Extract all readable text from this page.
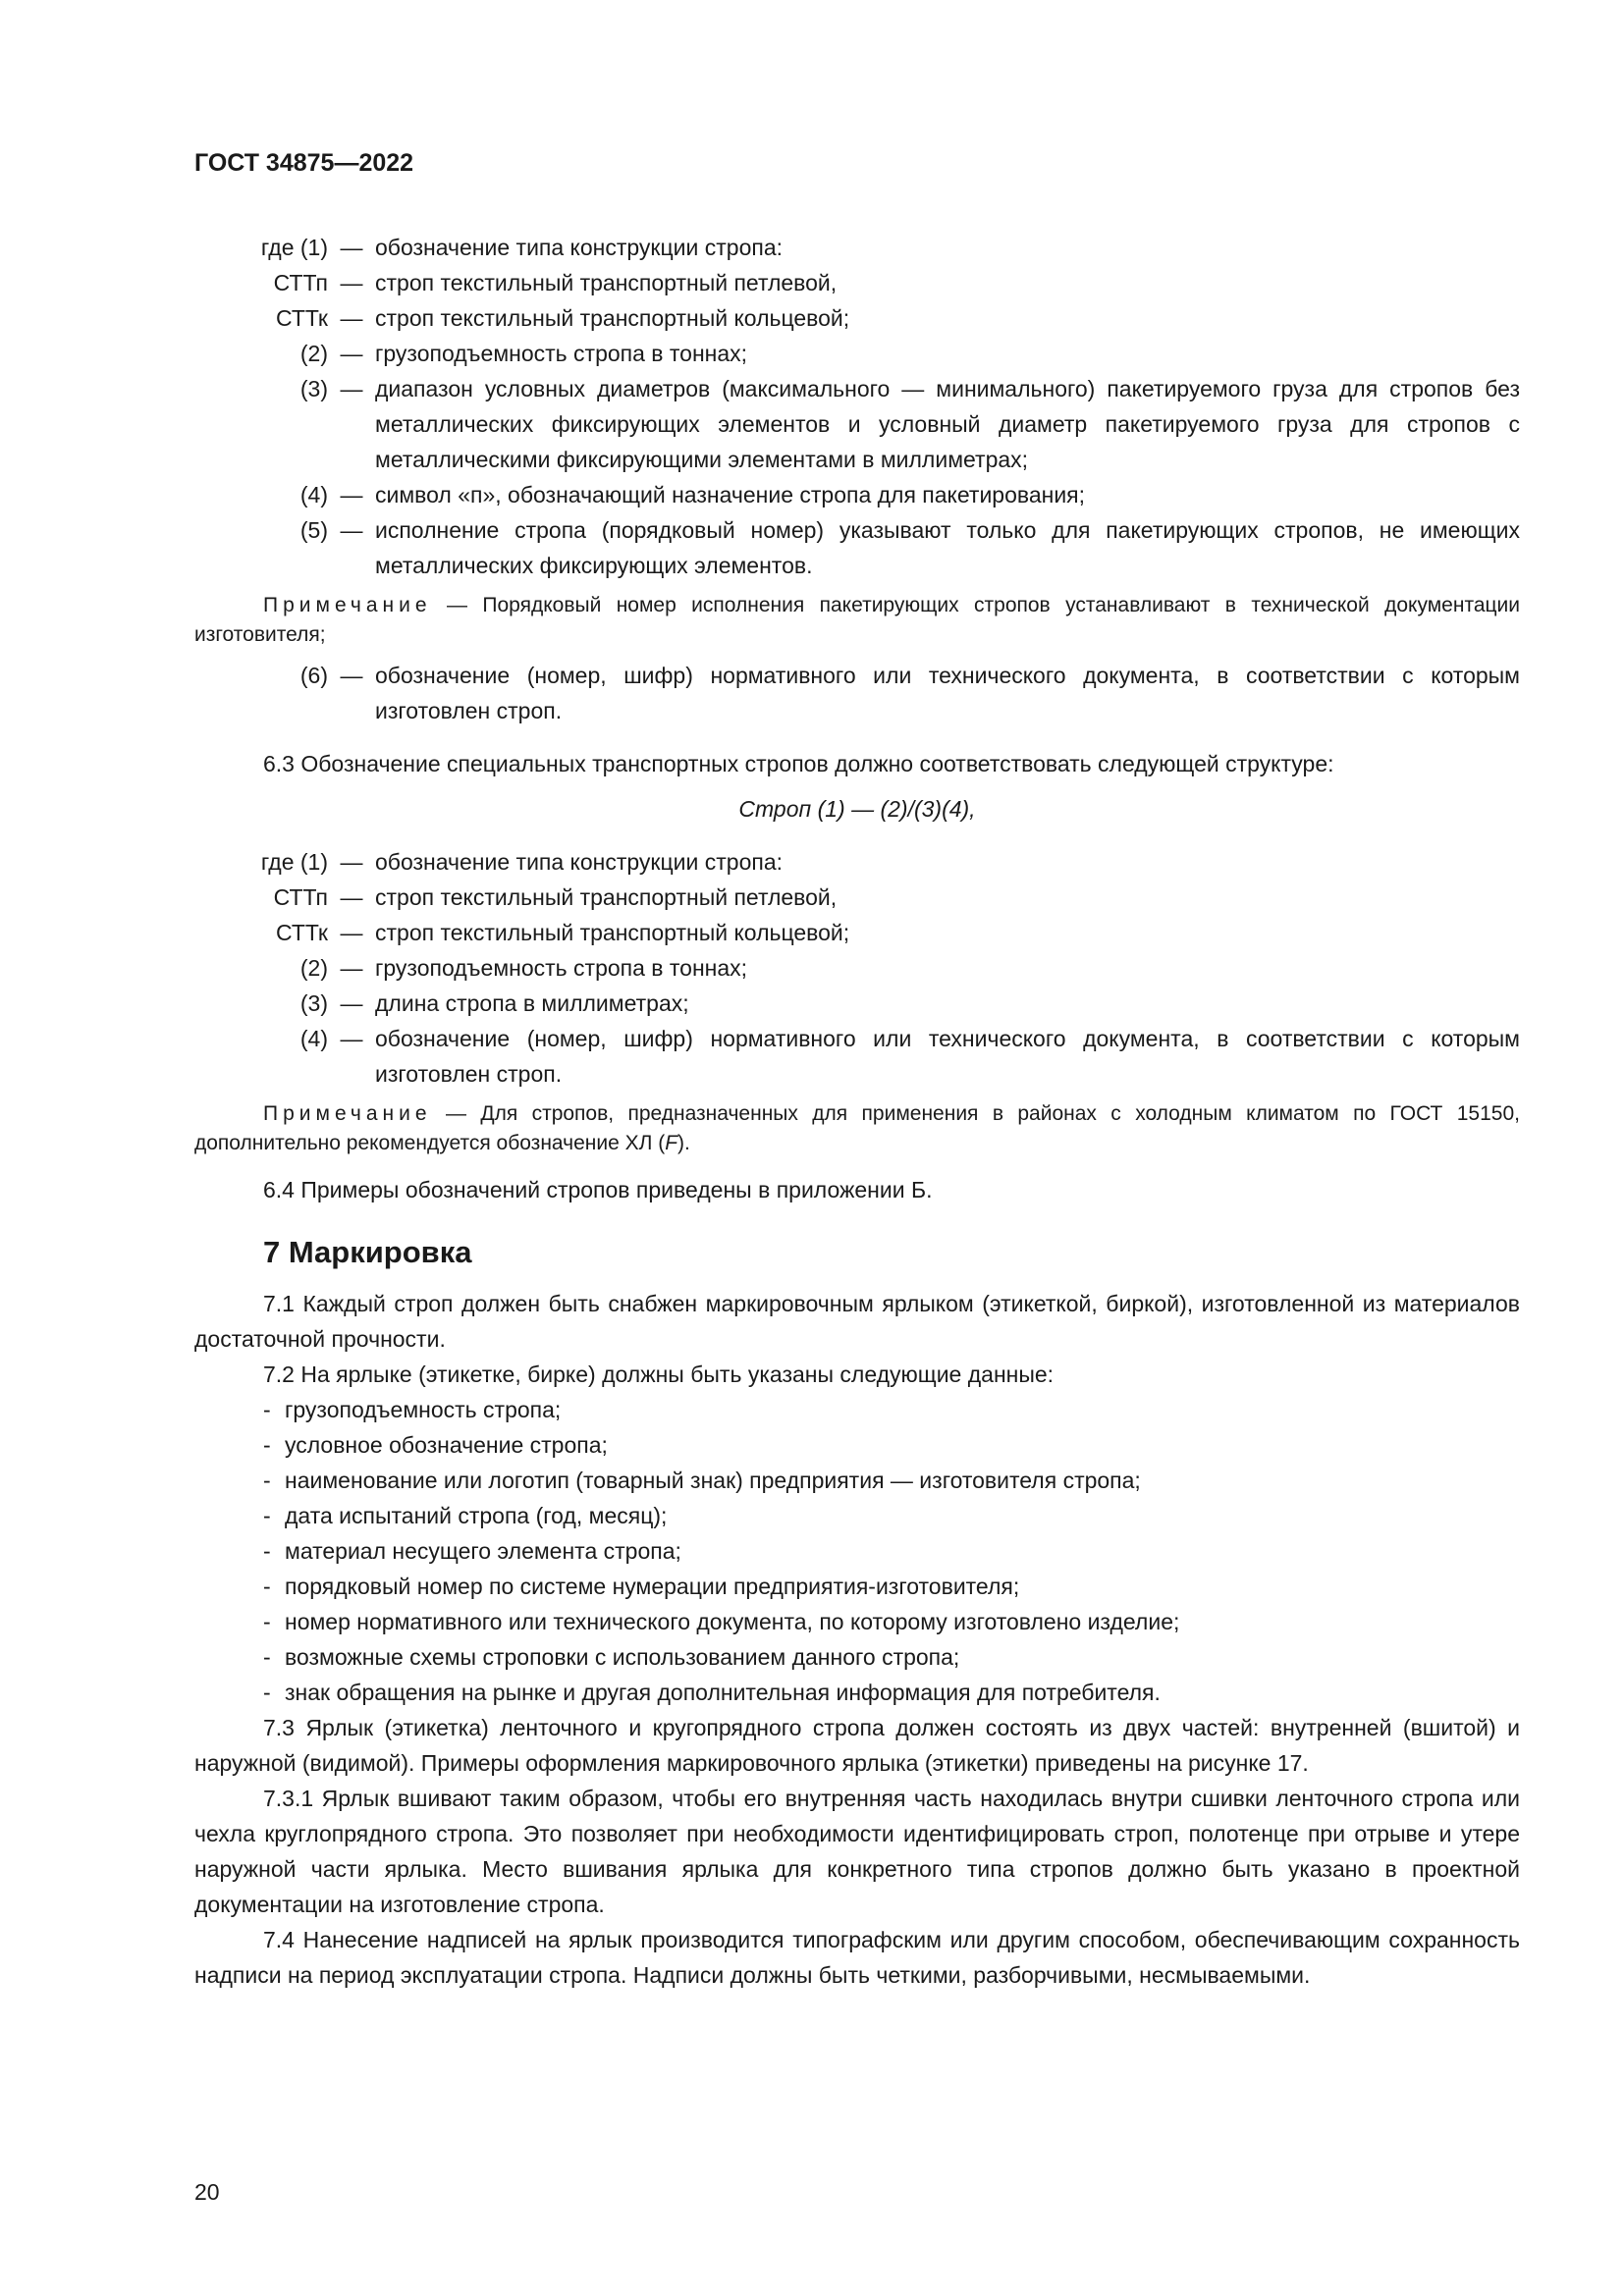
ГОСТ 34875—2022
где (1) — обозначение типа конструкции стропа:
СТТп — строп текстильный транспортный петлевой,
СТТк — строп текстильный транспортный кольцевой;
(2) — грузоподъемность стропа в тоннах;
(3) — диапазон условных диаметров (максимального — минимального) пакетируемого груза для стропов без металлических фиксирующих элементов и условный диаметр пакетируемого груза для стропов с металлическими фиксирующими элементами в миллиметрах;
(4) — символ «п», обозначающий назначение стропа для пакетирования;
(5) — исполнение стропа (порядковый номер) указывают только для пакетирующих стропов, не имеющих металлических фиксирующих элементов.
Примечание — Порядковый номер исполнения пакетирующих стропов устанавливают в технической документации изготовителя;
(6) — обозначение (номер, шифр) нормативного или технического документа, в соответствии с которым изготовлен строп.
6.3 Обозначение специальных транспортных стропов должно соответствовать следующей структуре:
Строп (1) — (2)/(3)(4),
где (1) — обозначение типа конструкции стропа:
СТТп — строп текстильный транспортный петлевой,
СТТк — строп текстильный транспортный кольцевой;
(2) — грузоподъемность стропа в тоннах;
(3) — длина стропа в миллиметрах;
(4) — обозначение (номер, шифр) нормативного или технического документа, в соответствии с которым изготовлен строп.
Примечание — Для стропов, предназначенных для применения в районах с холодным климатом по ГОСТ 15150, дополнительно рекомендуется обозначение ХЛ (F).
6.4 Примеры обозначений стропов приведены в приложении Б.
7 Маркировка
7.1 Каждый строп должен быть снабжен маркировочным ярлыком (этикеткой, биркой), изготовленной из материалов достаточной прочности.
7.2 На ярлыке (этикетке, бирке) должны быть указаны следующие данные:
- грузоподъемность стропа;
- условное обозначение стропа;
- наименование или логотип (товарный знак) предприятия — изготовителя стропа;
- дата испытаний стропа (год, месяц);
- материал несущего элемента стропа;
- порядковый номер по системе нумерации предприятия-изготовителя;
- номер нормативного или технического документа, по которому изготовлено изделие;
- возможные схемы строповки с использованием данного стропа;
- знак обращения на рынке и другая дополнительная информация для потребителя.
7.3 Ярлык (этикетка) ленточного и кругопрядного стропа должен состоять из двух частей: внутренней (вшитой) и наружной (видимой). Примеры оформления маркировочного ярлыка (этикетки) приведены на рисунке 17.
7.3.1 Ярлык вшивают таким образом, чтобы его внутренняя часть находилась внутри сшивки ленточного стропа или чехла круглопрядного стропа. Это позволяет при необходимости идентифицировать строп, полотенце при отрыве и утере наружной части ярлыка. Место вшивания ярлыка для конкретного типа стропов должно быть указано в проектной документации на изготовление стропа.
7.4 Нанесение надписей на ярлык производится типографским или другим способом, обеспечивающим сохранность надписи на период эксплуатации стропа. Надписи должны быть четкими, разборчивыми, несмываемыми.
20
